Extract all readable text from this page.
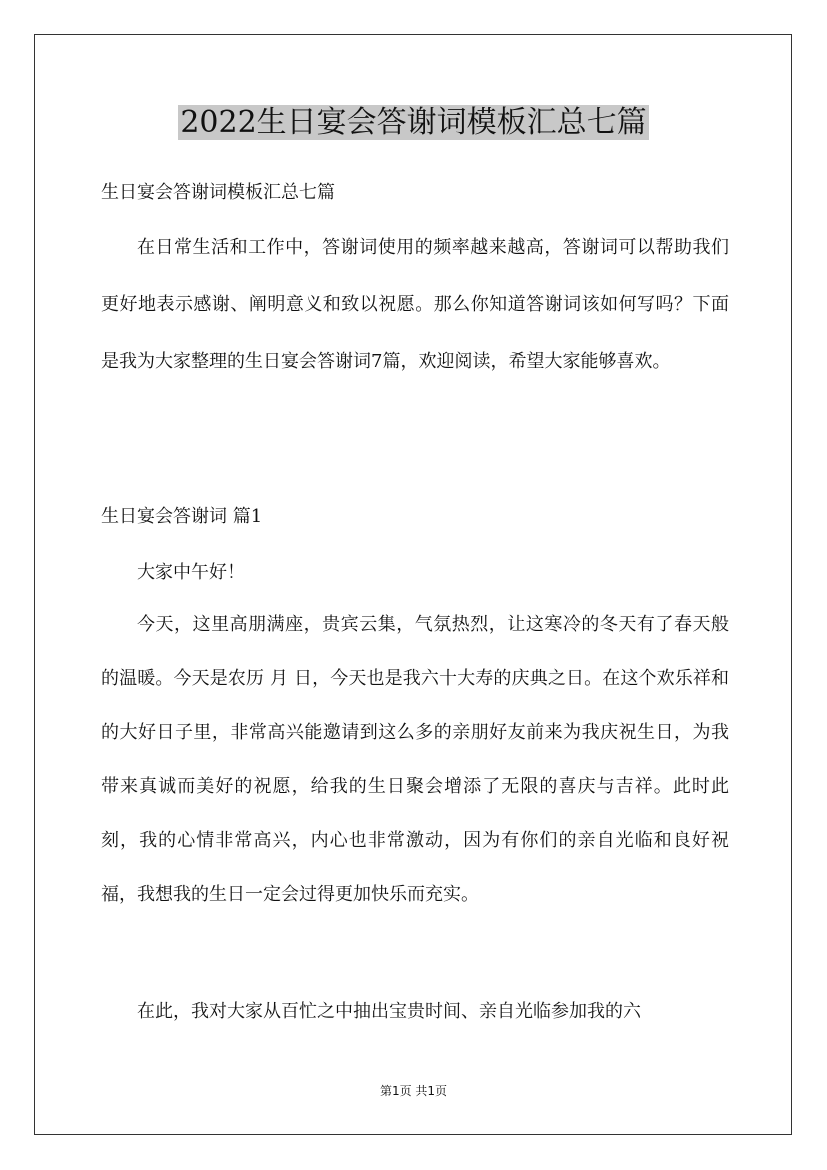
2022生日宴会答谢词模板汇总七篇

生日宴会答谢词模板汇总七篇

在日常生活和工作中，答谢词使用的频率越来越高，答谢词可以帮助我们更好地表示感谢、阐明意义和致以祝愿。那么你知道答谢词该如何写吗？下面是我为大家整理的生日宴会答谢词7篇，欢迎阅读，希望大家能够喜欢。

生日宴会答谢词 篇1

大家中午好！

今天，这里高朋满座，贵宾云集，气氛热烈，让这寒冷的冬天有了春天般的温暖。今天是农历 月 日，今天也是我六十大寿的庆典之日。在这个欢乐祥和的大好日子里，非常高兴能邀请到这么多的亲朋好友前来为我庆祝生日，为我带来真诚而美好的祝愿，给我的生日聚会增添了无限的喜庆与吉祥。此时此刻，我的心情非常高兴，内心也非常激动，因为有你们的亲自光临和良好祝福，我想我的生日一定会过得更加快乐而充实。

在此，我对大家从百忙之中抽出宝贵时间、亲自光临参加我的六

第1页 共1页
